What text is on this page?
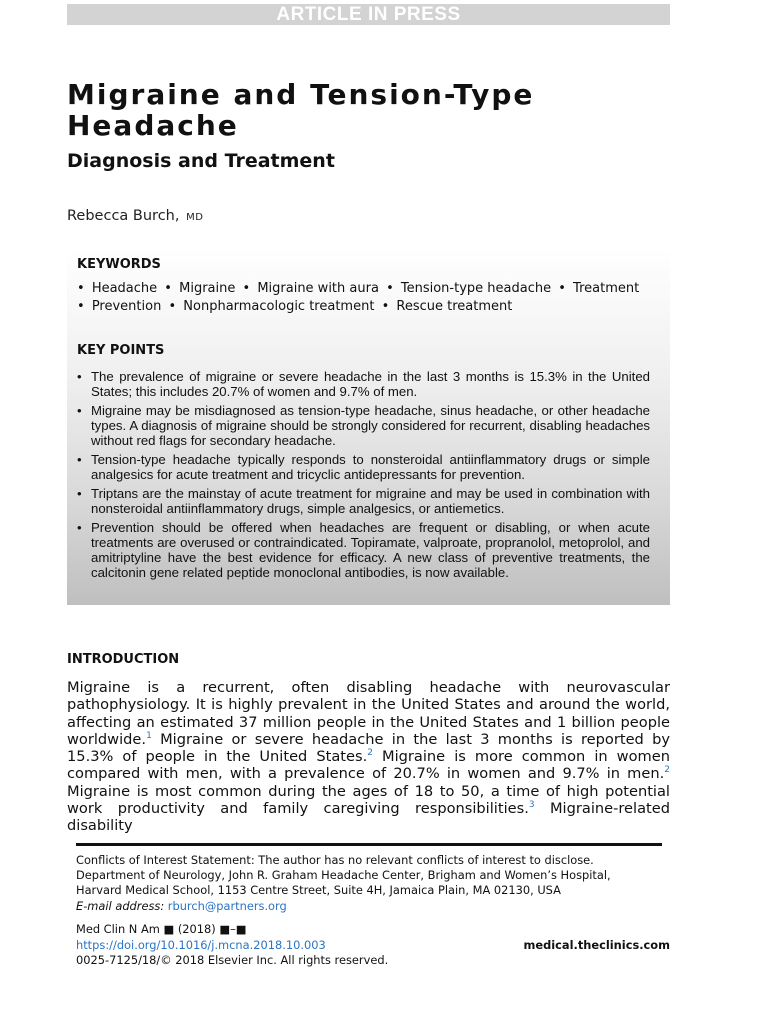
ARTICLE IN PRESS
Migraine and Tension-Type Headache
Diagnosis and Treatment
Rebecca Burch, MD
KEYWORDS
• Headache • Migraine • Migraine with aura • Tension-type headache • Treatment
• Prevention • Nonpharmacologic treatment • Rescue treatment
KEY POINTS
• The prevalence of migraine or severe headache in the last 3 months is 15.3% in the United States; this includes 20.7% of women and 9.7% of men.
• Migraine may be misdiagnosed as tension-type headache, sinus headache, or other headache types. A diagnosis of migraine should be strongly considered for recurrent, disabling headaches without red flags for secondary headache.
• Tension-type headache typically responds to nonsteroidal antiinflammatory drugs or simple analgesics for acute treatment and tricyclic antidepressants for prevention.
• Triptans are the mainstay of acute treatment for migraine and may be used in combination with nonsteroidal antiinflammatory drugs, simple analgesics, or antiemetics.
• Prevention should be offered when headaches are frequent or disabling, or when acute treatments are overused or contraindicated. Topiramate, valproate, propranolol, metoprolol, and amitriptyline have the best evidence for efficacy. A new class of preventive treatments, the calcitonin gene related peptide monoclonal antibodies, is now available.
INTRODUCTION

Migraine is a recurrent, often disabling headache with neurovascular pathophysiology. It is highly prevalent in the United States and around the world, affecting an estimated 37 million people in the United States and 1 billion people worldwide.$^1$ Migraine or severe headache in the last 3 months is reported by 15.3% of people in the United States.$^2$ Migraine is more common in women compared with men, with a prevalence of 20.7% in women and 9.7% in men.$^2$ Migraine is most common during the ages of 18 to 50, a time of high potential work productivity and family caregiving responsibilities.$^3$ Migraine-related disability

Conflicts of Interest Statement: The author has no relevant conflicts of interest to disclose.
Department of Neurology, John R. Graham Headache Center, Brigham and Women’s Hospital,
Harvard Medical School, 1153 Centre Street, Suite 4H, Jamaica Plain, MA 02130, USA
E-mail address: rburch@partners.org
Med Clin N Am ■ (2018) ■–■
https://doi.org/10.1016/j.mcna.2018.10.003
0025-7125/18/© 2018 Elsevier Inc. All rights reserved.
medical.theclinics.com
